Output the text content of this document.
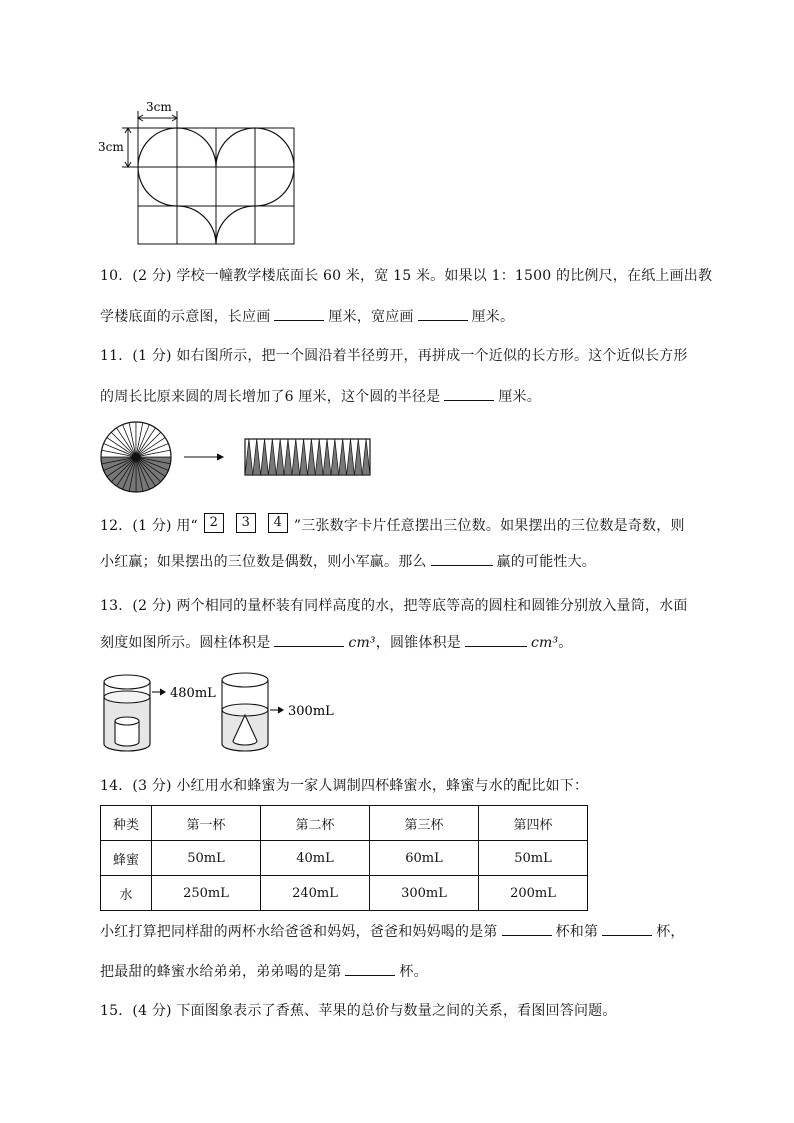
3cm
3cm
10．(2 分) 学校一幢教学楼底面长 60 米，宽 15 米。如果以 1：1500 的比例尺，在纸上画出教
学楼底面的示意图，长应画	厘米，宽应画	厘米。
11．(1 分) 如右图所示，把一个圆沿着半径剪开，再拼成一个近似的长方形。这个近似长方形
的周长比原来圆的周长增加了6 厘米，这个圆的半径是	厘米。
12．(1 分) 用“ 2 3 4 ”三张数字卡片任意摆出三位数。如果摆出的三位数是奇数，则
小红赢；如果摆出的三位数是偶数，则小军赢。那么	赢的可能性大。
13．(2 分) 两个相同的量杯装有同样高度的水，把等底等高的圆柱和圆锥分别放入量筒，水面
刻度如图所示。圆柱体积是	cm³，圆锥体积是	cm³。
480mL
300mL
14．(3 分) 小红用水和蜂蜜为一家人调制四杯蜂蜜水，蜂蜜与水的配比如下：
种类	第一杯	第二杯	第三杯	第四杯
蜂蜜	50mL	40mL	60mL	50mL
水	250mL	240mL	300mL	200mL
小红打算把同样甜的两杯水给爸爸和妈妈，爸爸和妈妈喝的是第	杯和第	杯，
把最甜的蜂蜜水给弟弟，弟弟喝的是第	杯。
15．(4 分) 下面图象表示了香蕉、苹果的总价与数量之间的关系，看图回答问题。
